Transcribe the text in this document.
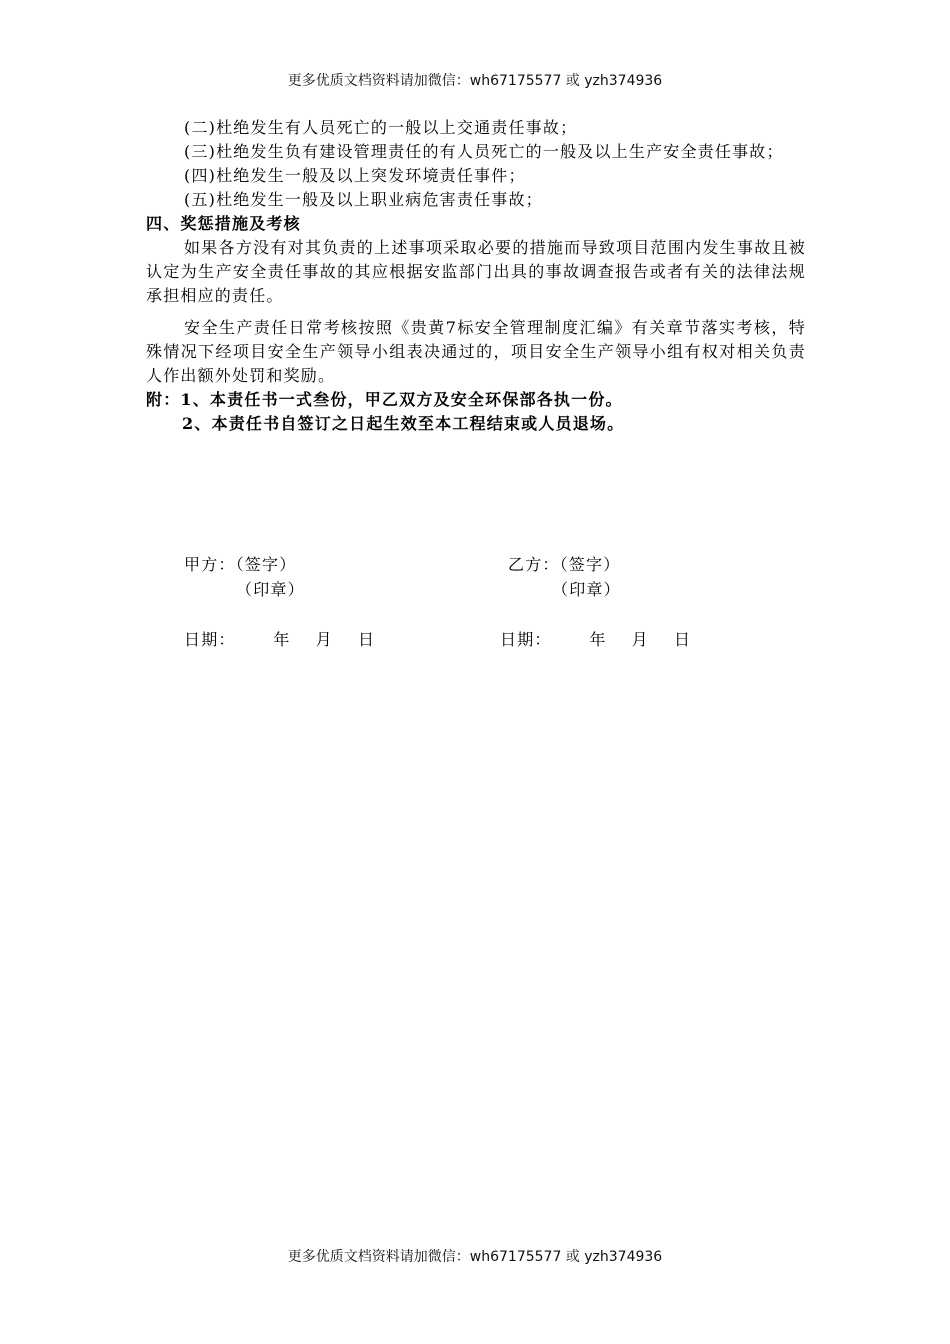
更多优质文档资料请加微信：wh67175577 或 yzh374936

(二)杜绝发生有人员死亡的一般以上交通责任事故；

(三)杜绝发生负有建设管理责任的有人员死亡的一般及以上生产安全责任事故；

(四)杜绝发生一般及以上突发环境责任事件；

(五)杜绝发生一般及以上职业病危害责任事故；

四、奖惩措施及考核

如果各方没有对其负责的上述事项采取必要的措施而导致项目范围内发生事故且被认定为生产安全责任事故的其应根据安监部门出具的事故调查报告或者有关的法律法规承担相应的责任。

安全生产责任日常考核按照《贵黄7标安全管理制度汇编》有关章节落实考核，特殊情况下经项目安全生产领导小组表决通过的，项目安全生产领导小组有权对相关负责人作出额外处罚和奖励。

附：1、本责任书一式叁份，甲乙双方及安全环保部各执一份。

2、本责任书自签订之日起生效至本工程结束或人员退场。

甲方：（签字）
（印章）
乙方：（签字）
（印章）
日期：      年    月    日	日期：      年    月    日
更多优质文档资料请加微信：wh67175577 或 yzh374936
